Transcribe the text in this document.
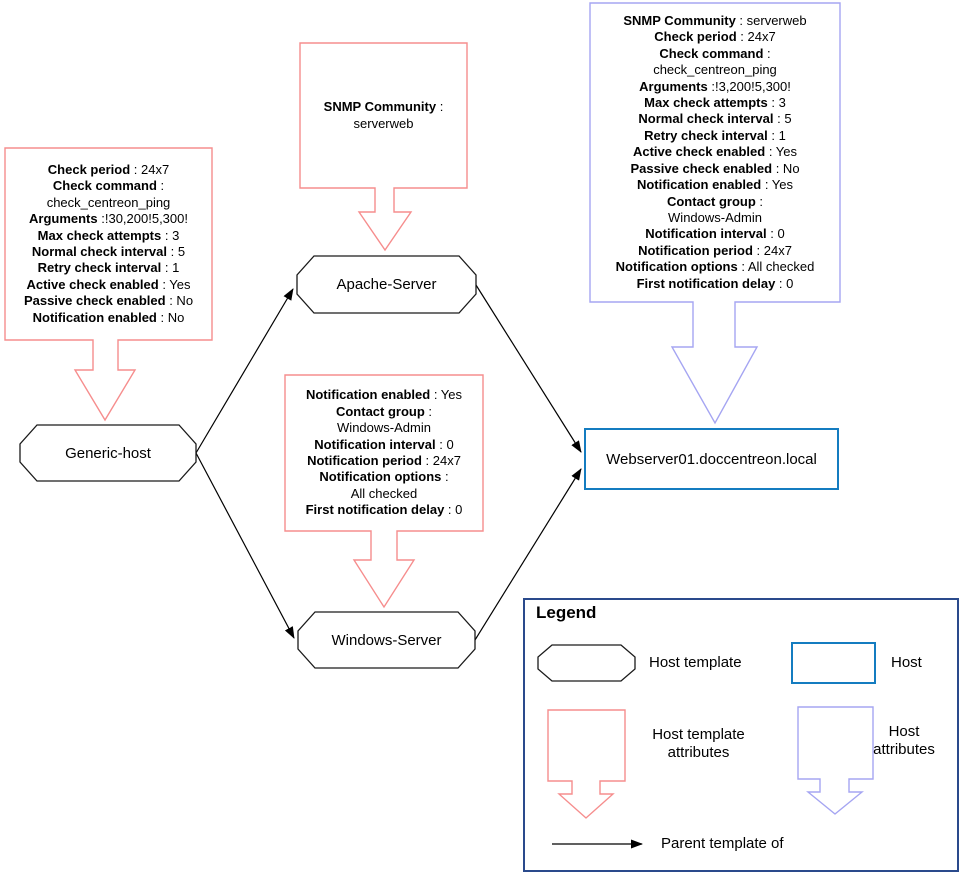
Check period : 24x7
Check command :
check_centreon_ping
Arguments :!30,200!5,300!
Max check attempts : 3
Normal check interval : 5
Retry check interval : 1
Active check enabled : Yes
Passive check enabled : No
Notification enabled : No
SNMP Community :
serverweb
Notification enabled : Yes
Contact group :
Windows-Admin
Notification interval : 0
Notification period : 24x7
Notification options :
All checked
First notification delay : 0
SNMP Community : serverweb
Check period : 24x7
Check command :
check_centreon_ping
Arguments :!3,200!5,300!
Max check attempts : 3
Normal check interval : 5
Retry check interval : 1
Active check enabled : Yes
Passive check enabled : No
Notification enabled : Yes
Contact group :
Windows-Admin
Notification interval : 0
Notification period : 24x7
Notification options : All checked
First notification delay : 0
Generic-host
Apache-Server
Windows-Server
Webserver01.doccentreon.local
Legend
Host template	Host
Host template attributes
Host attributes
Parent template of
